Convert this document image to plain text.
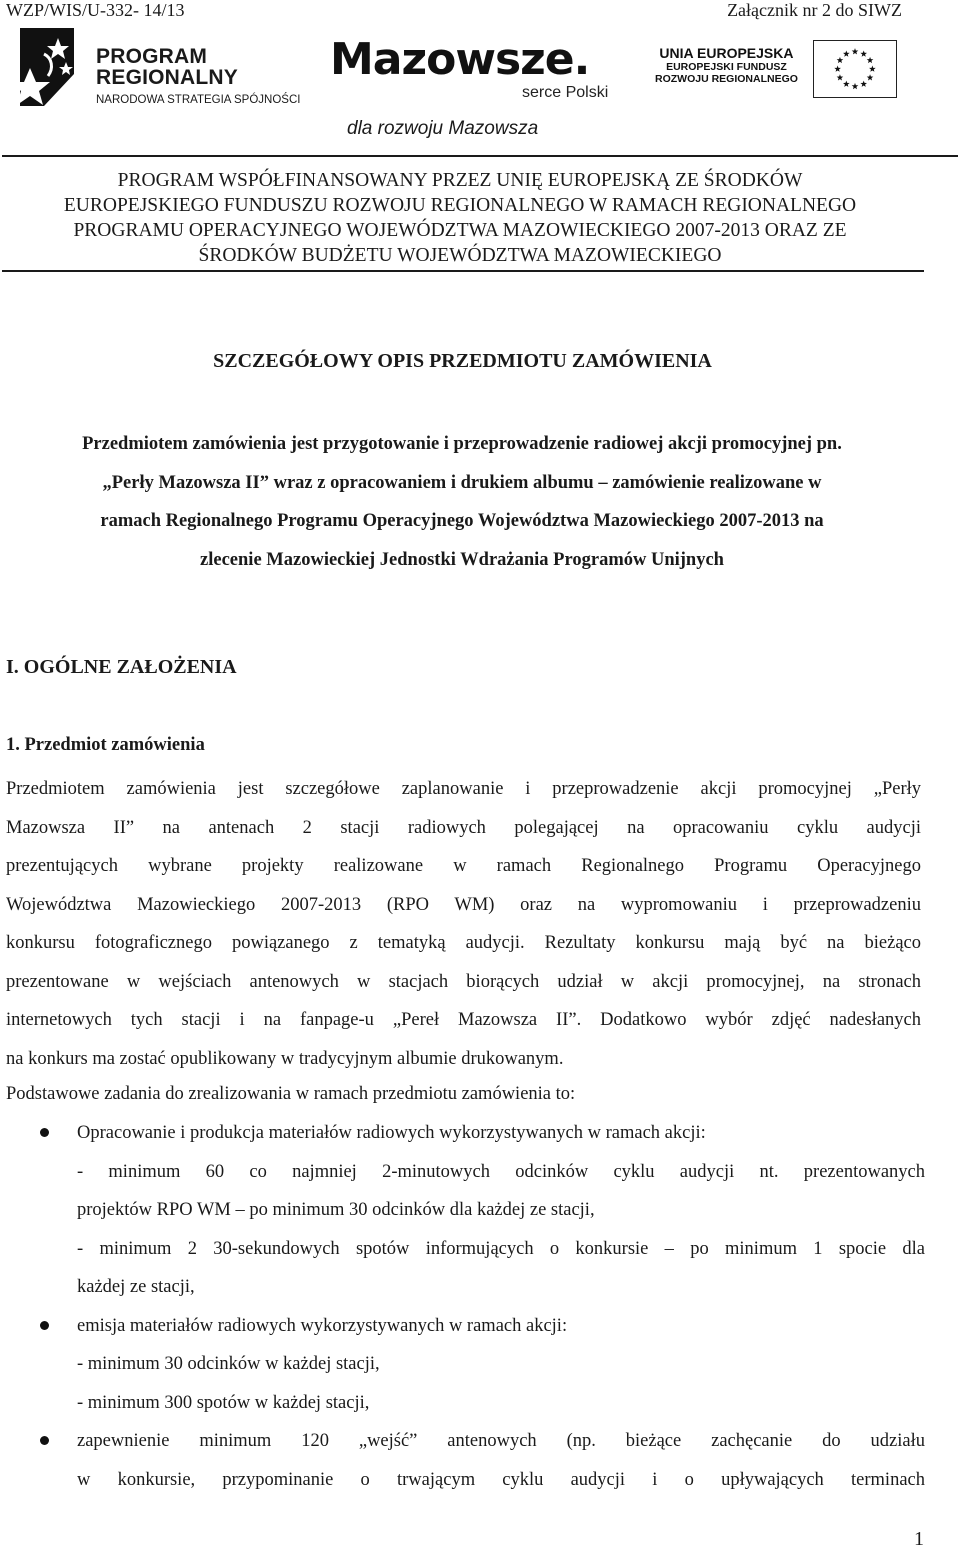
WZP/WIS/U-332- 14/13	Załącznik nr 2 do SIWZ
PROGRAM
REGIONALNY
NARODOWA STRATEGIA SPÓJNOŚCI
Mazowsze.
serce Polski
UNIA EUROPEJSKA
EUROPEJSKI FUNDUSZ
ROZWOJU REGIONALNEGO
dla rozwoju Mazowsza
PROGRAM WSPÓŁFINANSOWANY PRZEZ UNIĘ EUROPEJSKĄ ZE ŚRODKÓW
EUROPEJSKIEGO FUNDUSZU ROZWOJU REGIONALNEGO W RAMACH REGIONALNEGO
PROGRAMU OPERACYJNEGO WOJEWÓDZTWA MAZOWIECKIEGO 2007-2013 ORAZ ZE
ŚRODKÓW BUDŻETU WOJEWÓDZTWA MAZOWIECKIEGO
SZCZEGÓŁOWY OPIS PRZEDMIOTU ZAMÓWIENIA
Przedmiotem zamówienia jest przygotowanie i przeprowadzenie radiowej akcji promocyjnej pn.
„Perły Mazowsza II” wraz z opracowaniem i drukiem albumu – zamówienie realizowane w
ramach Regionalnego Programu Operacyjnego Województwa Mazowieckiego 2007-2013 na
zlecenie Mazowieckiej Jednostki Wdrażania Programów Unijnych
I. OGÓLNE ZAŁOŻENIA
1. Przedmiot zamówienia
Przedmiotem zamówienia jest szczegółowe zaplanowanie i przeprowadzenie akcji promocyjnej „Perły
Mazowsza II” na antenach 2 stacji radiowych polegającej na opracowaniu cyklu audycji
prezentujących wybrane projekty realizowane w ramach Regionalnego Programu Operacyjnego
Województwa Mazowieckiego 2007-2013 (RPO WM) oraz na wypromowaniu i przeprowadzeniu
konkursu fotograficznego powiązanego z tematyką audycji. Rezultaty konkursu mają być na bieżąco
prezentowane w wejściach antenowych w stacjach biorących udział w akcji promocyjnej, na stronach
internetowych tych stacji i na fanpage-u „Pereł Mazowsza II”. Dodatkowo wybór zdjęć nadesłanych
na konkurs ma zostać opublikowany w tradycyjnym albumie drukowanym.
Podstawowe zadania do zrealizowania w ramach przedmiotu zamówienia to:
Opracowanie i produkcja materiałów radiowych wykorzystywanych w ramach akcji:
- minimum 60 co najmniej 2-minutowych odcinków cyklu audycji nt. prezentowanych
projektów RPO WM – po minimum 30 odcinków dla każdej ze stacji,
- minimum 2 30-sekundowych spotów informujących o konkursie – po minimum 1 spocie dla
każdej ze stacji,
emisja materiałów radiowych wykorzystywanych w ramach akcji:
- minimum 30 odcinków w każdej stacji,
- minimum 300 spotów w każdej stacji,
zapewnienie minimum 120 „wejść” antenowych (np. bieżące zachęcanie do udziału
w konkursie, przypominanie o trwającym cyklu audycji i o upływających terminach
1
